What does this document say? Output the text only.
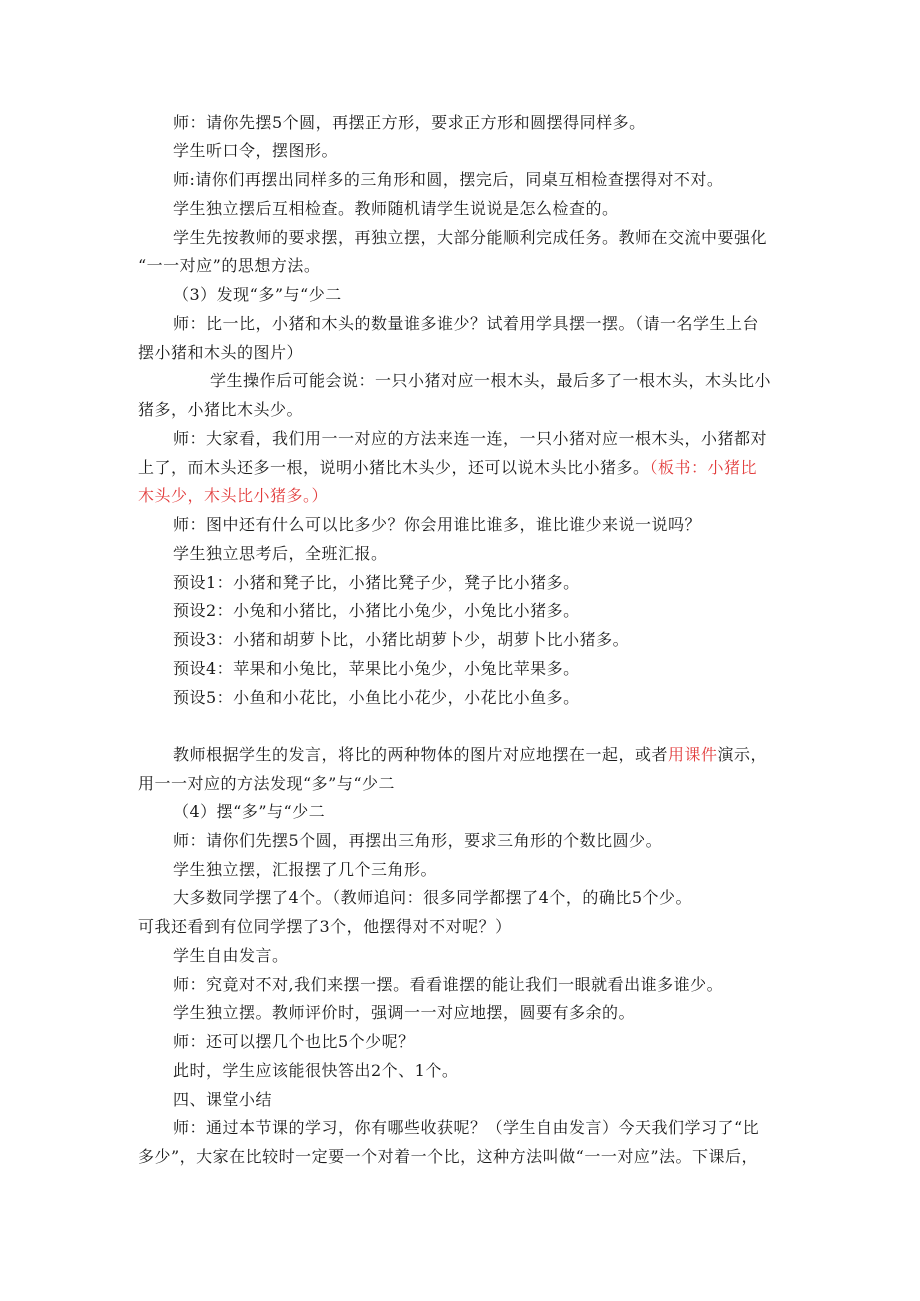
师：请你先摆5个圆，再摆正方形，要求正方形和圆摆得同样多。
学生听口令，摆图形。
师:请你们再摆出同样多的三角形和圆，摆完后，同桌互相检查摆得对不对。
学生独立摆后互相检查。教师随机请学生说说是怎么检查的。
学生先按教师的要求摆，再独立摆，大部分能顺利完成任务。教师在交流中要强化
“一一对应”的思想方法。
（3）发现“多”与“少二
师：比一比，小猪和木头的数量谁多谁少？试着用学具摆一摆。（请一名学生上台
摆小猪和木头的图片）
学生操作后可能会说：一只小猪对应一根木头，最后多了一根木头，木头比小
猪多，小猪比木头少。
师：大家看，我们用一一对应的方法来连一连，一只小猪对应一根木头，小猪都对
上了，而木头还多一根，说明小猪比木头少，还可以说木头比小猪多。（板书：小猪比
木头少，木头比小猪多。）
师：图中还有什么可以比多少？你会用谁比谁多，谁比谁少来说一说吗？
学生独立思考后，全班汇报。
预设1：小猪和凳子比，小猪比凳子少，凳子比小猪多。
预设2：小兔和小猪比，小猪比小兔少，小兔比小猪多。
预设3：小猪和胡萝卜比，小猪比胡萝卜少，胡萝卜比小猪多。
预设4：苹果和小兔比，苹果比小兔少，小兔比苹果多。
预设5：小鱼和小花比，小鱼比小花少，小花比小鱼多。
教师根据学生的发言，将比的两种物体的图片对应地摆在一起，或者用课件演示，
用一一对应的方法发现“多”与“少二
（4）摆“多”与“少二
师：请你们先摆5个圆，再摆出三角形，要求三角形的个数比圆少。
学生独立摆，汇报摆了几个三角形。
大多数同学摆了4个。（教师追问：很多同学都摆了4个，的确比5个少。
可我还看到有位同学摆了3个，他摆得对不对呢？）
学生自由发言。
师：究竟对不对,我们来摆一摆。看看谁摆的能让我们一眼就看出谁多谁少。
学生独立摆。教师评价时，强调一一对应地摆，圆要有多余的。
师：还可以摆几个也比5个少呢？
此时，学生应该能很快答出2个、1个。
四、课堂小结
师：通过本节课的学习，你有哪些收获呢？（学生自由发言）今天我们学习了“比
多少”，大家在比较时一定要一个对着一个比，这种方法叫做“一一对应”法。下课后，
